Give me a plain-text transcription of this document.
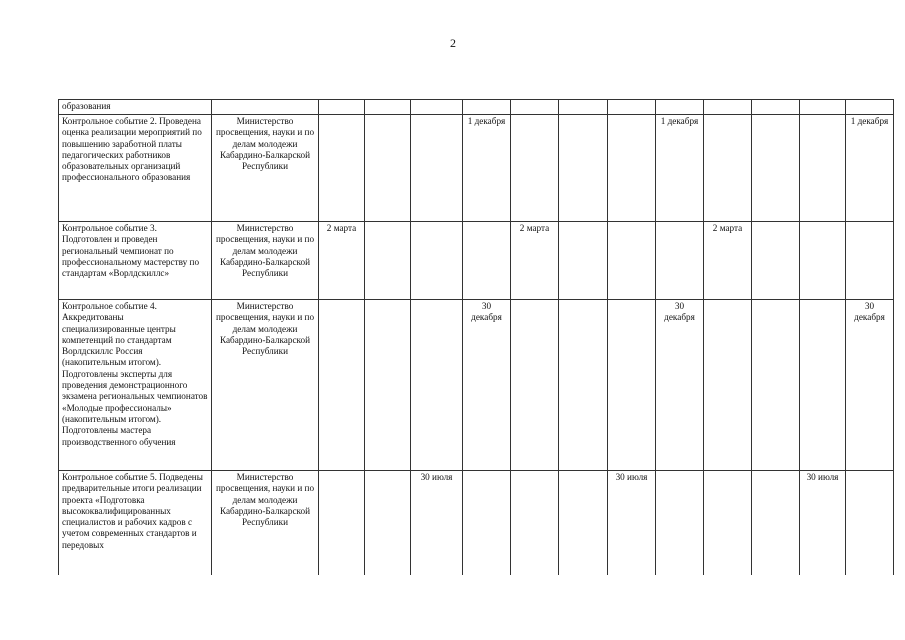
2
образования													
Контрольное событие 2. Проведена оценка реализации мероприятий по повышению заработной платы педагогических работников образовательных организаций профессионального образования	Министерство просвещения, науки и по делам молодежи Кабардино-Балкарской Республики				1 декабря				1 декабря				1 декабря
Контрольное событие 3. Подготовлен и проведен региональный чемпионат по профессиональному мастерству по стандартам «Ворлдскиллс»	Министерство просвещения, науки и по делам молодежи Кабардино-Балкарской Республики	2 марта				2 марта				2 марта			
Контрольное событие 4. Аккредитованы специализированные центры компетенций по стандартам Ворлдскиллс Россия (накопительным итогом). Подготовлены эксперты для проведения демонстрационного экзамена региональных чемпионатов «Молодые профессионалы» (накопительным итогом). Подготовлены мастера производственного обучения	Министерство просвещения, науки и по делам молодежи Кабардино-Балкарской Республики				30 декабря				30 декабря				30 декабря
Контрольное событие 5. Подведены предварительные итоги реализации проекта «Подготовка высококвалифицированных специалистов и рабочих кадров с учетом современных стандартов и передовых	Министерство просвещения, науки и по делам молодежи Кабардино-Балкарской Республики			30 июля				30 июля				30 июля	
